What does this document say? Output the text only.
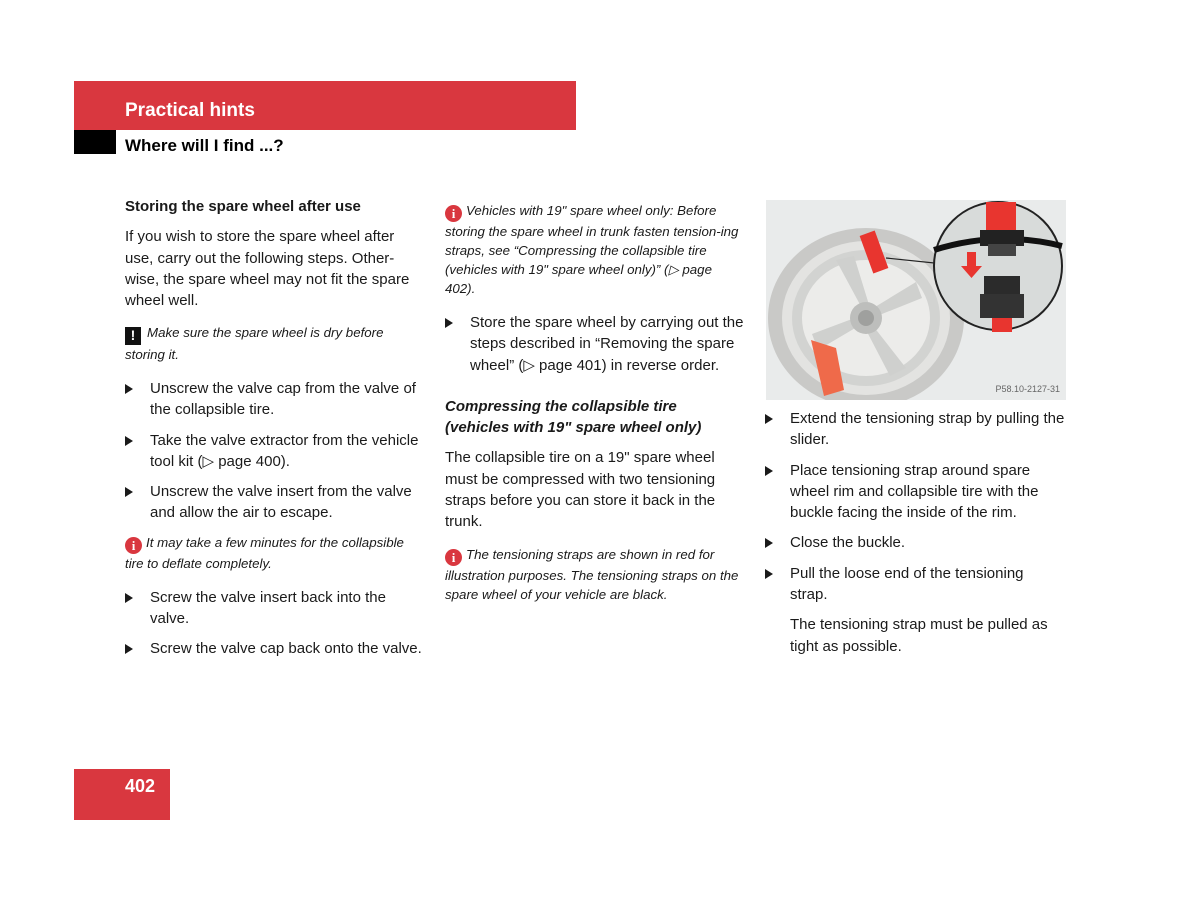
Practical hints
Where will I find ...?

Storing the spare wheel after use

If you wish to store the spare wheel after use, carry out the following steps. Other-wise, the spare wheel may not fit the spare wheel well.

! Make sure the spare wheel is dry before storing it.

Unscrew the valve cap from the valve of the collapsible tire.

Take the valve extractor from the vehicle tool kit (▷ page 400).

Unscrew the valve insert from the valve and allow the air to escape.

i It may take a few minutes for the collapsible tire to deflate completely.

Screw the valve insert back into the valve.

Screw the valve cap back onto the valve.

i Vehicles with 19" spare wheel only: Before storing the spare wheel in trunk fasten tension-ing straps, see “Compressing the collapsible tire (vehicles with 19" spare wheel only)” (▷ page 402).

Store the spare wheel by carrying out the steps described in “Removing the spare wheel” (▷ page 401) in reverse order.

Compressing the collapsible tire (vehicles with 19" spare wheel only)

The collapsible tire on a 19" spare wheel must be compressed with two tensioning straps before you can store it back in the trunk.

i The tensioning straps are shown in red for illustration purposes. The tensioning straps on the spare wheel of your vehicle are black.

P58.10-2127-31

Extend the tensioning strap by pulling the slider.

Place tensioning strap around spare wheel rim and collapsible tire with the buckle facing the inside of the rim.

Close the buckle.

Pull the loose end of the tensioning strap.

The tensioning strap must be pulled as tight as possible.

402
